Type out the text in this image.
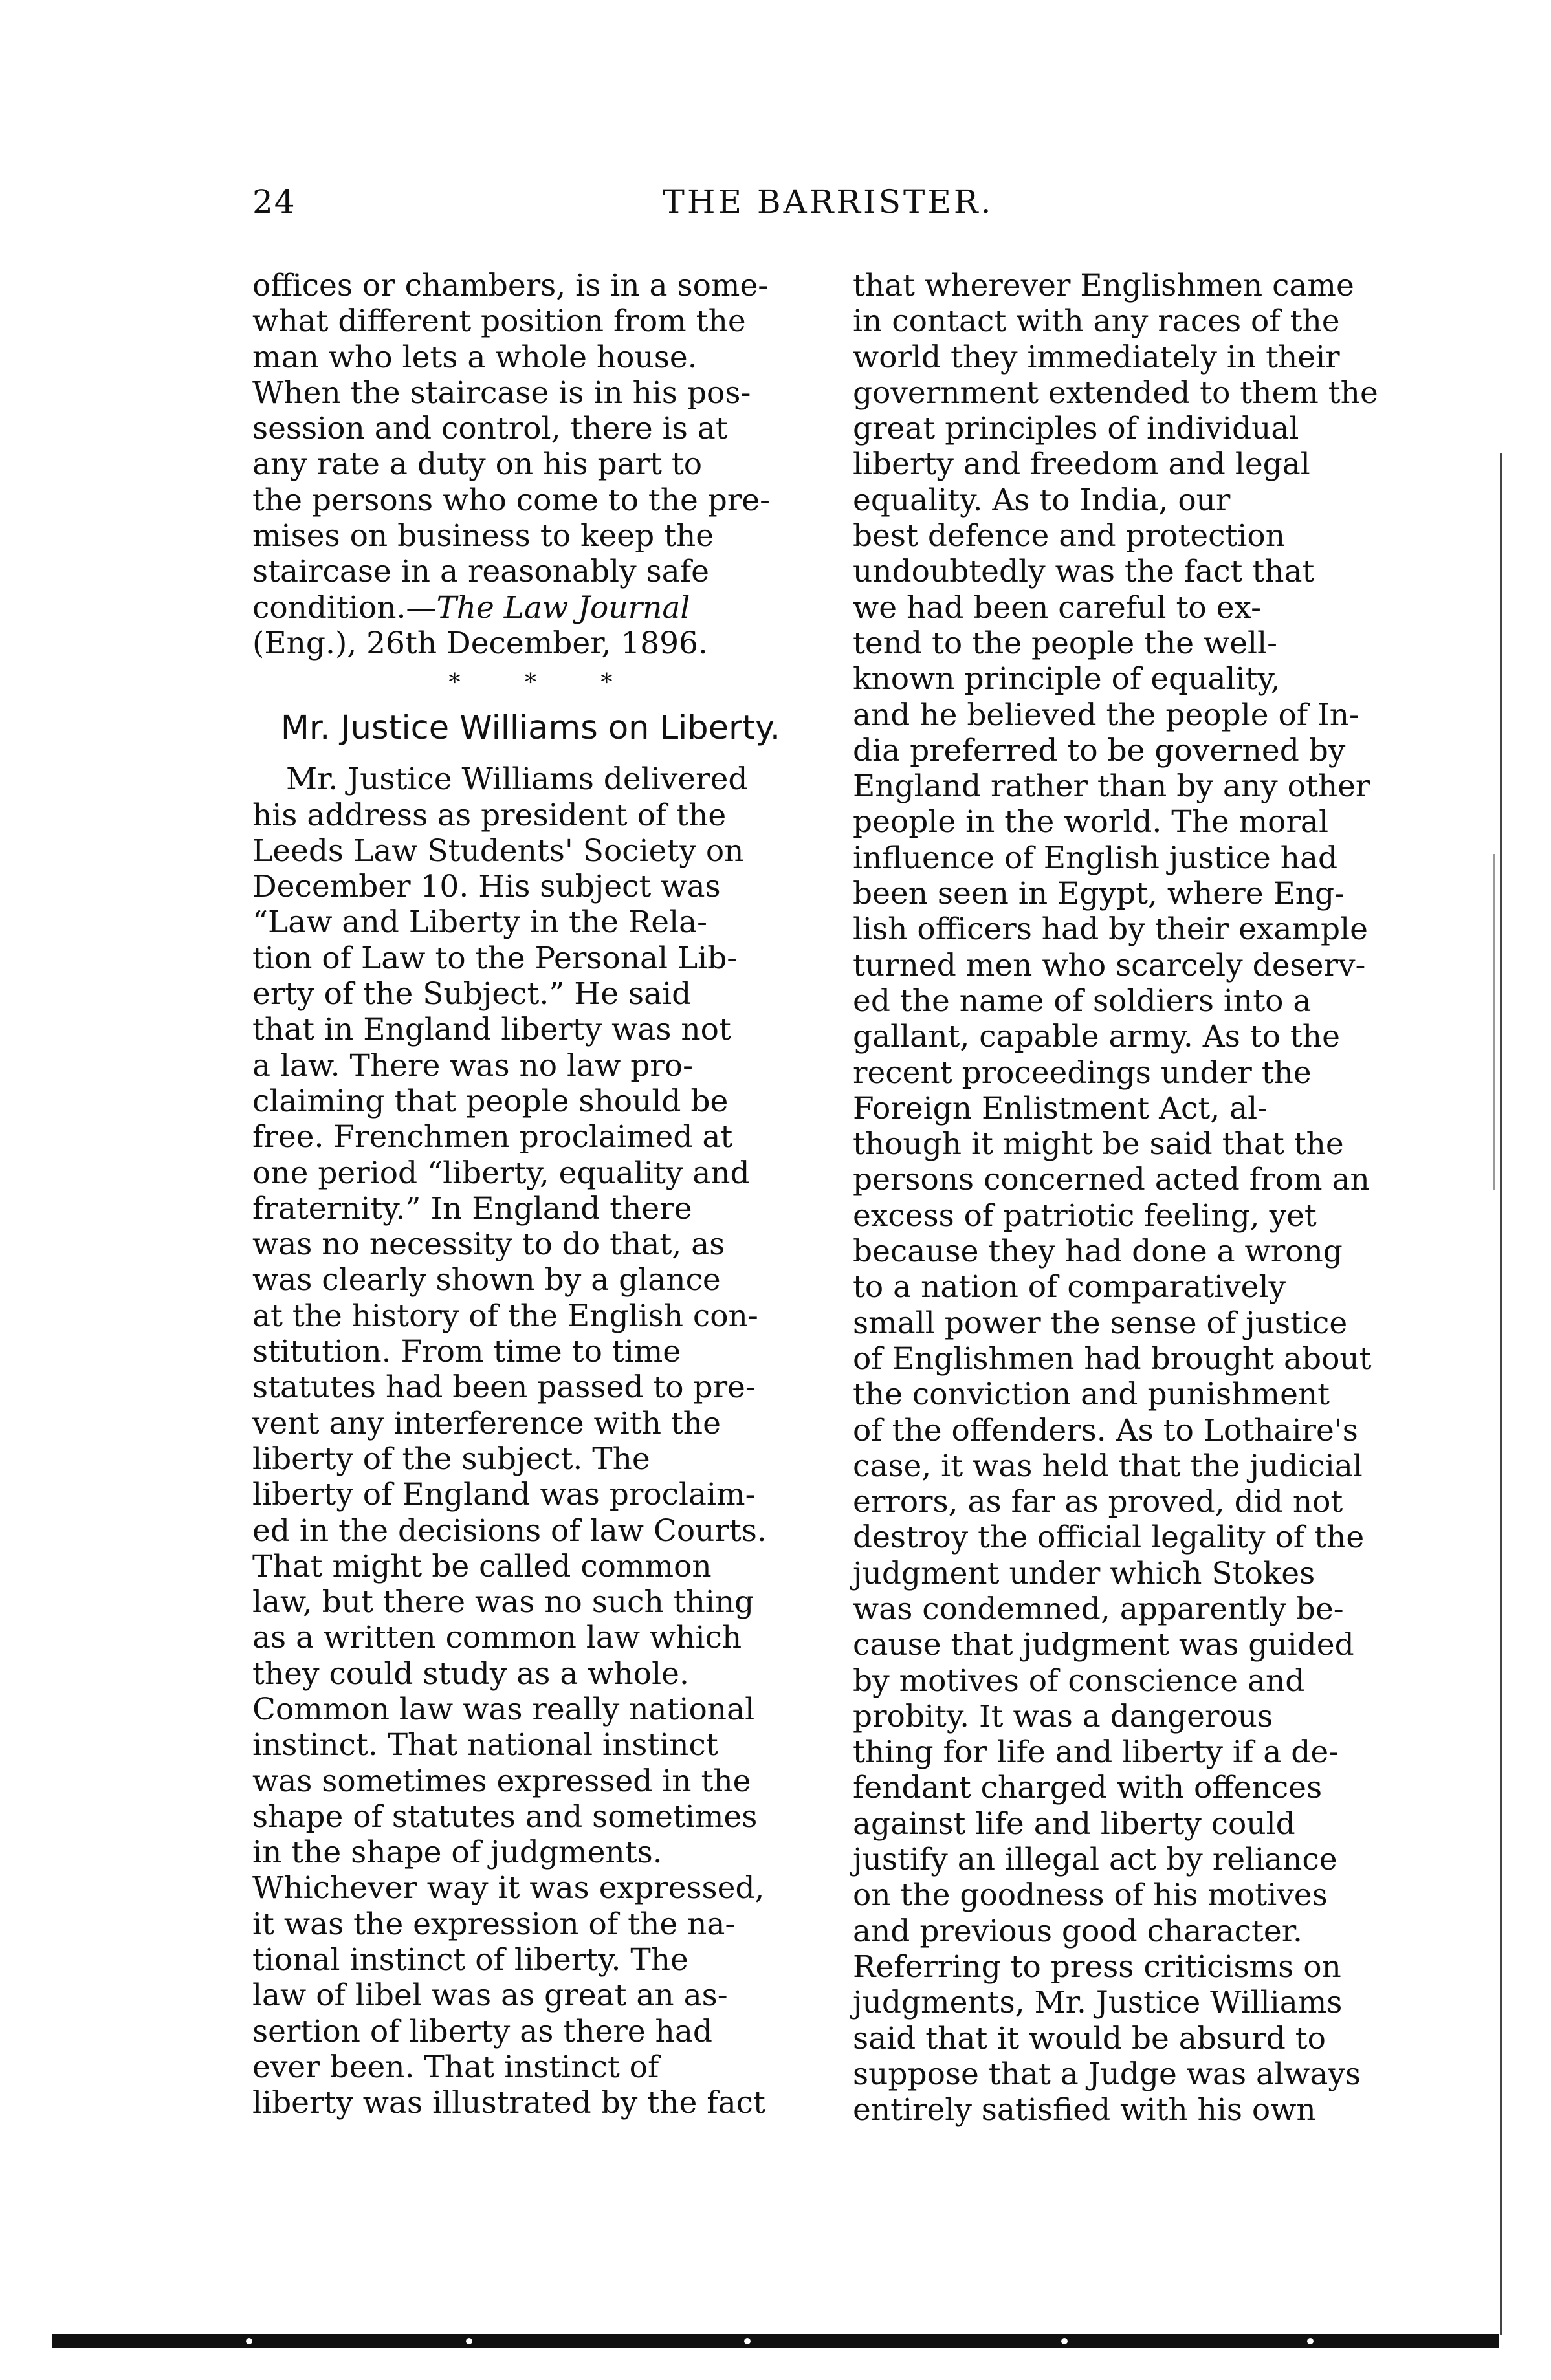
24	THE BARRISTER.

offices or chambers, is in a some-
what different position from the
man who lets a whole house.
When the staircase is in his pos-
session and control, there is at
any rate a duty on his part to
the persons who come to the pre-
mises on business to keep the
staircase in a reasonably safe
condition.—The Law Journal
(Eng.), 26th December, 1896.

* * *
Mr. Justice Williams on Liberty.

Mr. Justice Williams delivered
his address as president of the
Leeds Law Students' Society on
December 10. His subject was
“Law and Liberty in the Rela-
tion of Law to the Personal Lib-
erty of the Subject.” He said
that in England liberty was not
a law. There was no law pro-
claiming that people should be
free. Frenchmen proclaimed at
one period “liberty, equality and
fraternity.” In England there
was no necessity to do that, as
was clearly shown by a glance
at the history of the English con-
stitution. From time to time
statutes had been passed to pre-
vent any interference with the
liberty of the subject. The
liberty of England was proclaim-
ed in the decisions of law Courts.
That might be called common
law, but there was no such thing
as a written common law which
they could study as a whole.
Common law was really national
instinct. That national instinct
was sometimes expressed in the
shape of statutes and sometimes
in the shape of judgments.
Whichever way it was expressed,
it was the expression of the na-
tional instinct of liberty. The
law of libel was as great an as-
sertion of liberty as there had
ever been. That instinct of
liberty was illustrated by the fact

that wherever Englishmen came
in contact with any races of the
world they immediately in their
government extended to them the
great principles of individual
liberty and freedom and legal
equality. As to India, our
best defence and protection
undoubtedly was the fact that
we had been careful to ex-
tend to the people the well-
known principle of equality,
and he believed the people of In-
dia preferred to be governed by
England rather than by any other
people in the world. The moral
influence of English justice had
been seen in Egypt, where Eng-
lish officers had by their example
turned men who scarcely deserv-
ed the name of soldiers into a
gallant, capable army. As to the
recent proceedings under the
Foreign Enlistment Act, al-
though it might be said that the
persons concerned acted from an
excess of patriotic feeling, yet
because they had done a wrong
to a nation of comparatively
small power the sense of justice
of Englishmen had brought about
the conviction and punishment
of the offenders. As to Lothaire's
case, it was held that the judicial
errors, as far as proved, did not
destroy the official legality of the
judgment under which Stokes
was condemned, apparently be-
cause that judgment was guided
by motives of conscience and
probity. It was a dangerous
thing for life and liberty if a de-
fendant charged with offences
against life and liberty could
justify an illegal act by reliance
on the goodness of his motives
and previous good character.
Referring to press criticisms on
judgments, Mr. Justice Williams
said that it would be absurd to
suppose that a Judge was always
entirely satisfied with his own
